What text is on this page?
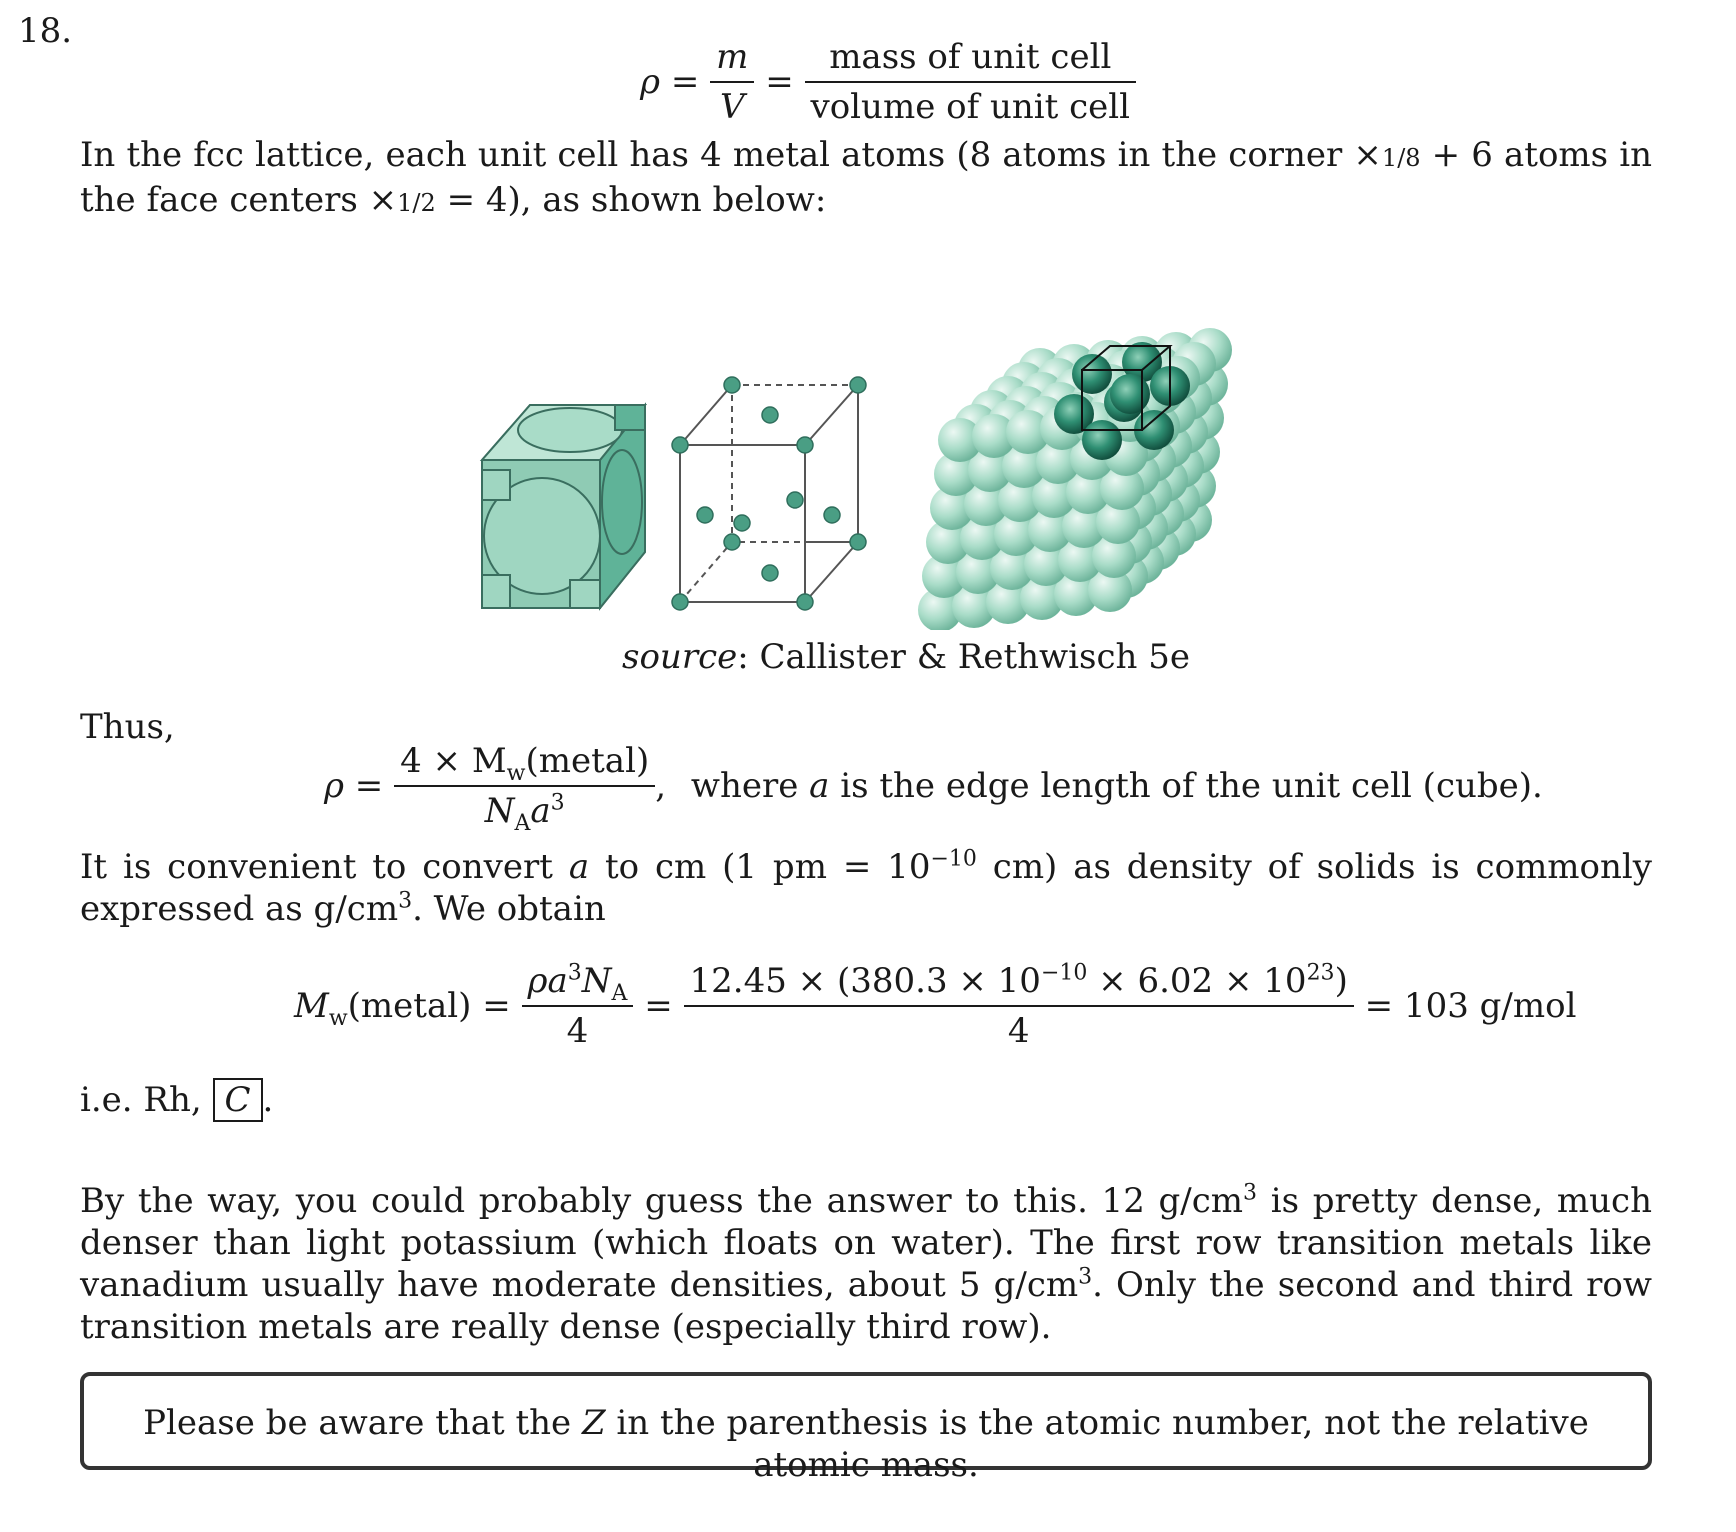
18.
$\rho = \frac{m}{V} = \frac{\text{mass of unit cell}}{\text{volume of unit cell}}$
In the fcc lattice, each unit cell has 4 metal atoms (8 atoms in the corner ×1/8 + 6 atoms in the face centers ×1/2 = 4), as shown below:
source: Callister & Rethwisch 5e
Thus,
$\rho = \frac{4 \times M_w(metal)}{N_Aa^3}$ , where a is the edge length of the unit cell (cube).
It is convenient to convert a to cm (1 pm = $10^{-10}$ cm) as density of solids is commonly expressed as $g/cm^3$. We obtain
$M_w(metal) = \frac{\rho a^3N_A}{4} = \frac{12.45 \times (380.3 \times 10^{-10} \times 6.02 \times 10^{23})}{4} = 103$ g/mol
i.e. Rh, C .
By the way, you could probably guess the answer to this. 12 $g/cm^3$ is pretty dense, much denser than light potassium (which floats on water). The first row transition metals like vanadium usually have moderate densities, about 5 $g/cm^3$. Only the second and third row transition metals are really dense (especially third row).
Please be aware that the Z in the parenthesis is the atomic number, not the relative atomic mass.
